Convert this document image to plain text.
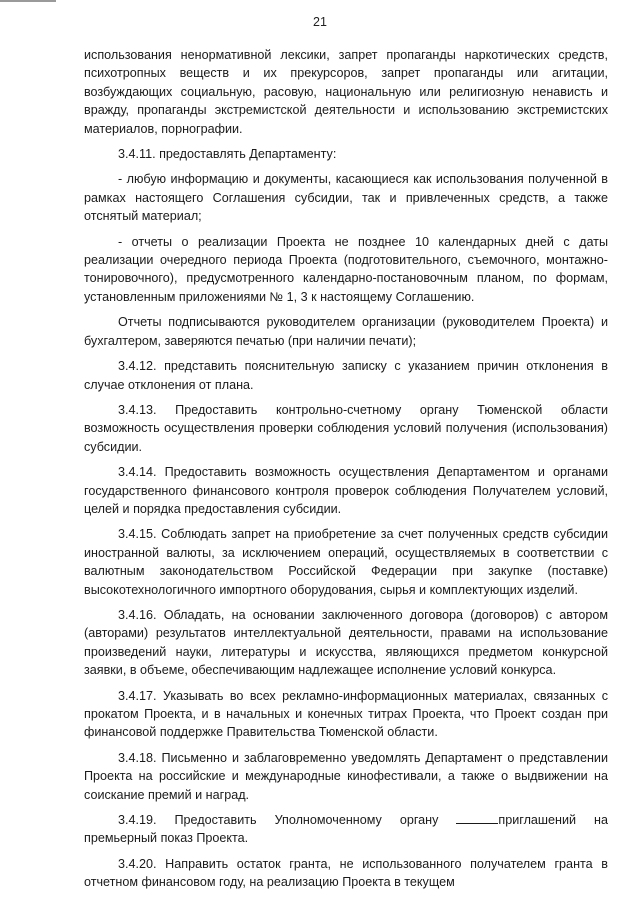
21

использования ненормативной лексики, запрет пропаганды наркотических средств, психотропных веществ и их прекурсоров, запрет пропаганды или агитации, возбуждающих социальную, расовую, национальную или религиозную ненависть и вражду, пропаганды экстремистской деятельности и использованию экстремистских материалов, порнографии.

3.4.11. предоставлять Департаменту:

- любую информацию и документы, касающиеся как использования полученной в рамках настоящего Соглашения субсидии, так и привлеченных средств, а также отснятый материал;

- отчеты о реализации Проекта не позднее 10 календарных дней с даты реализации очередного периода Проекта (подготовительного, съемочного, монтажно-тонировочного), предусмотренного календарно-постановочным планом, по формам, установленным приложениями № 1, 3 к настоящему Соглашению.

Отчеты подписываются руководителем организации (руководителем Проекта) и бухгалтером, заверяются печатью (при наличии печати);

3.4.12. представить пояснительную записку с указанием причин отклонения в случае отклонения от плана.

3.4.13. Предоставить контрольно-счетному органу Тюменской области возможность осуществления проверки соблюдения условий получения (использования) субсидии.

3.4.14. Предоставить возможность осуществления Департаментом и органами государственного финансового контроля проверок соблюдения Получателем условий, целей и порядка предоставления субсидии.

3.4.15. Соблюдать запрет на приобретение за счет полученных средств субсидии иностранной валюты, за исключением операций, осуществляемых в соответствии с валютным законодательством Российской Федерации при закупке (поставке) высокотехнологичного импортного оборудования, сырья и комплектующих изделий.

3.4.16. Обладать, на основании заключенного договора (договоров) с автором (авторами) результатов интеллектуальной деятельности, правами на использование произведений науки, литературы и искусства, являющихся предметом конкурсной заявки, в объеме, обеспечивающим надлежащее исполнение условий конкурса.

3.4.17. Указывать во всех рекламно-информационных материалах, связанных с прокатом Проекта, и в начальных и конечных титрах Проекта, что Проект создан при финансовой поддержке Правительства Тюменской области.

3.4.18. Письменно и заблаговременно уведомлять Департамент о представлении Проекта на российские и международные кинофестивали, а также о выдвижении на соискание премий и наград.

3.4.19. Предоставить Уполномоченному органу	приглашений на премьерный показ Проекта.

3.4.20. Направить остаток гранта, не использованного получателем гранта в отчетном финансовом году, на реализацию Проекта в текущем
